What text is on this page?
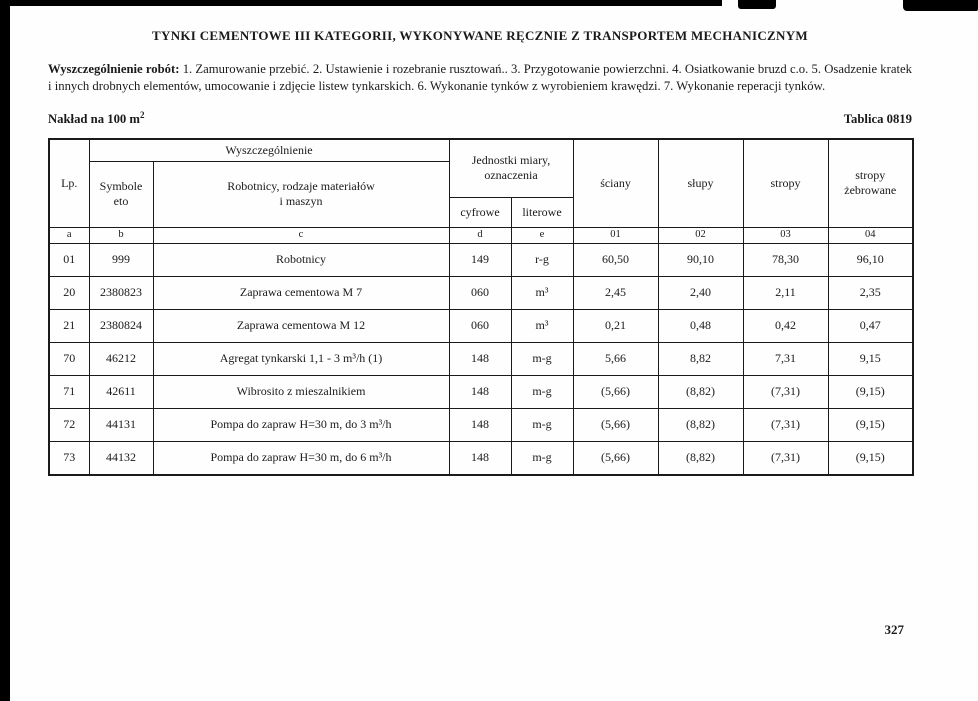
TYNKI CEMENTOWE III KATEGORII, WYKONYWANE RĘCZNIE Z TRANSPORTEM MECHANICZNYM

Wyszczególnienie robót: 1. Zamurowanie przebić. 2. Ustawienie i rozebranie rusztowań.. 3. Przygotowanie powierzchni. 4. Osiatkowanie bruzd c.o. 5. Osadzenie kratek i innych drobnych elementów, umocowanie i zdjęcie listew tynkarskich. 6. Wykonanie tynków z wyrobieniem krawędzi. 7. Wykonanie reperacji tynków.

Nakład na 100 $m^2$	Tablica 0819
Lp.	Wyszczególnienie		Jednostki miary, oznaczenia		ściany	słupy	stropy	stropy żebrowane
	Symbole eto	Robotnicy, rodzaje materiałów i maszyn						
			cyfrowe	literowe				
a	b	c	d	e	01	02	03	04
01	999	Robotnicy	149	r-g	60,50	90,10	78,30	96,10
20	2380823	Zaprawa cementowa M 7	060	m³	2,45	2,40	2,11	2,35
21	2380824	Zaprawa cementowa M 12	060	m³	0,21	0,48	0,42	0,47
70	46212	Agregat tynkarski 1,1 - 3 m³/h (1)	148	m-g	5,66	8,82	7,31	9,15
71	42611	Wibrosito z mieszalnikiem	148	m-g	(5,66)	(8,82)	(7,31)	(9,15)
72	44131	Pompa do zapraw H=30 m, do 3 m³/h	148	m-g	(5,66)	(8,82)	(7,31)	(9,15)
73	44132	Pompa do zapraw H=30 m, do 6 m³/h	148	m-g	(5,66)	(8,82)	(7,31)	(9,15)
327
